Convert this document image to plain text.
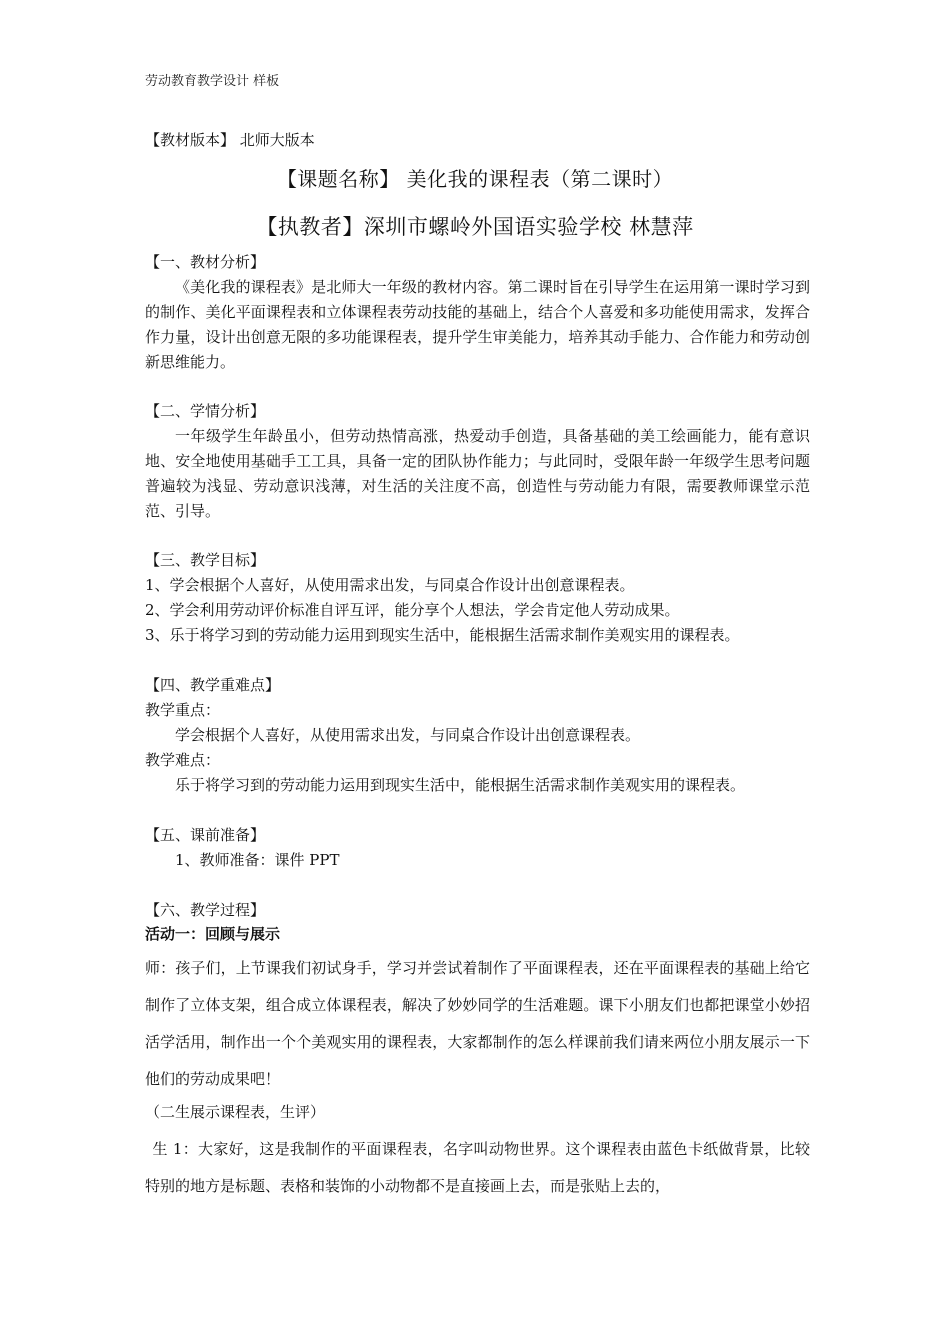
劳动教育教学设计 样板
【教材版本】 北师大版本
【课题名称】 美化我的课程表（第二课时）
【执教者】深圳市螺岭外国语实验学校 林慧萍
【一、教材分析】
《美化我的课程表》是北师大一年级的教材内容。第二课时旨在引导学生在运用第一课时学习到的制作、美化平面课程表和立体课程表劳动技能的基础上，结合个人喜爱和多功能使用需求，发挥合作力量，设计出创意无限的多功能课程表，提升学生审美能力，培养其动手能力、合作能力和劳动创新思维能力。
【二、学情分析】
一年级学生年龄虽小，但劳动热情高涨，热爱动手创造，具备基础的美工绘画能力，能有意识地、安全地使用基础手工工具，具备一定的团队协作能力；与此同时，受限年龄一年级学生思考问题普遍较为浅显、劳动意识浅薄，对生活的关注度不高，创造性与劳动能力有限，需要教师课堂示范范、引导。
【三、教学目标】
1、学会根据个人喜好，从使用需求出发，与同桌合作设计出创意课程表。
2、学会利用劳动评价标准自评互评，能分享个人想法，学会肯定他人劳动成果。
3、乐于将学习到的劳动能力运用到现实生活中，能根据生活需求制作美观实用的课程表。
【四、教学重难点】
教学重点：
学会根据个人喜好，从使用需求出发，与同桌合作设计出创意课程表。
教学难点：
乐于将学习到的劳动能力运用到现实生活中，能根据生活需求制作美观实用的课程表。
【五、课前准备】
1、教师准备：课件 PPT
【六、教学过程】
活动一：回顾与展示
师：孩子们，上节课我们初试身手，学习并尝试着制作了平面课程表，还在平面课程表的基础上给它制作了立体支架，组合成立体课程表，解决了妙妙同学的生活难题。课下小朋友们也都把课堂小妙招活学活用，制作出一个个美观实用的课程表，大家都制作的怎么样课前我们请来两位小朋友展示一下他们的劳动成果吧！
（二生展示课程表，生评）
生 1：大家好，这是我制作的平面课程表，名字叫动物世界。这个课程表由蓝色卡纸做背景，比较特别的地方是标题、表格和装饰的小动物都不是直接画上去，而是张贴上去的，
